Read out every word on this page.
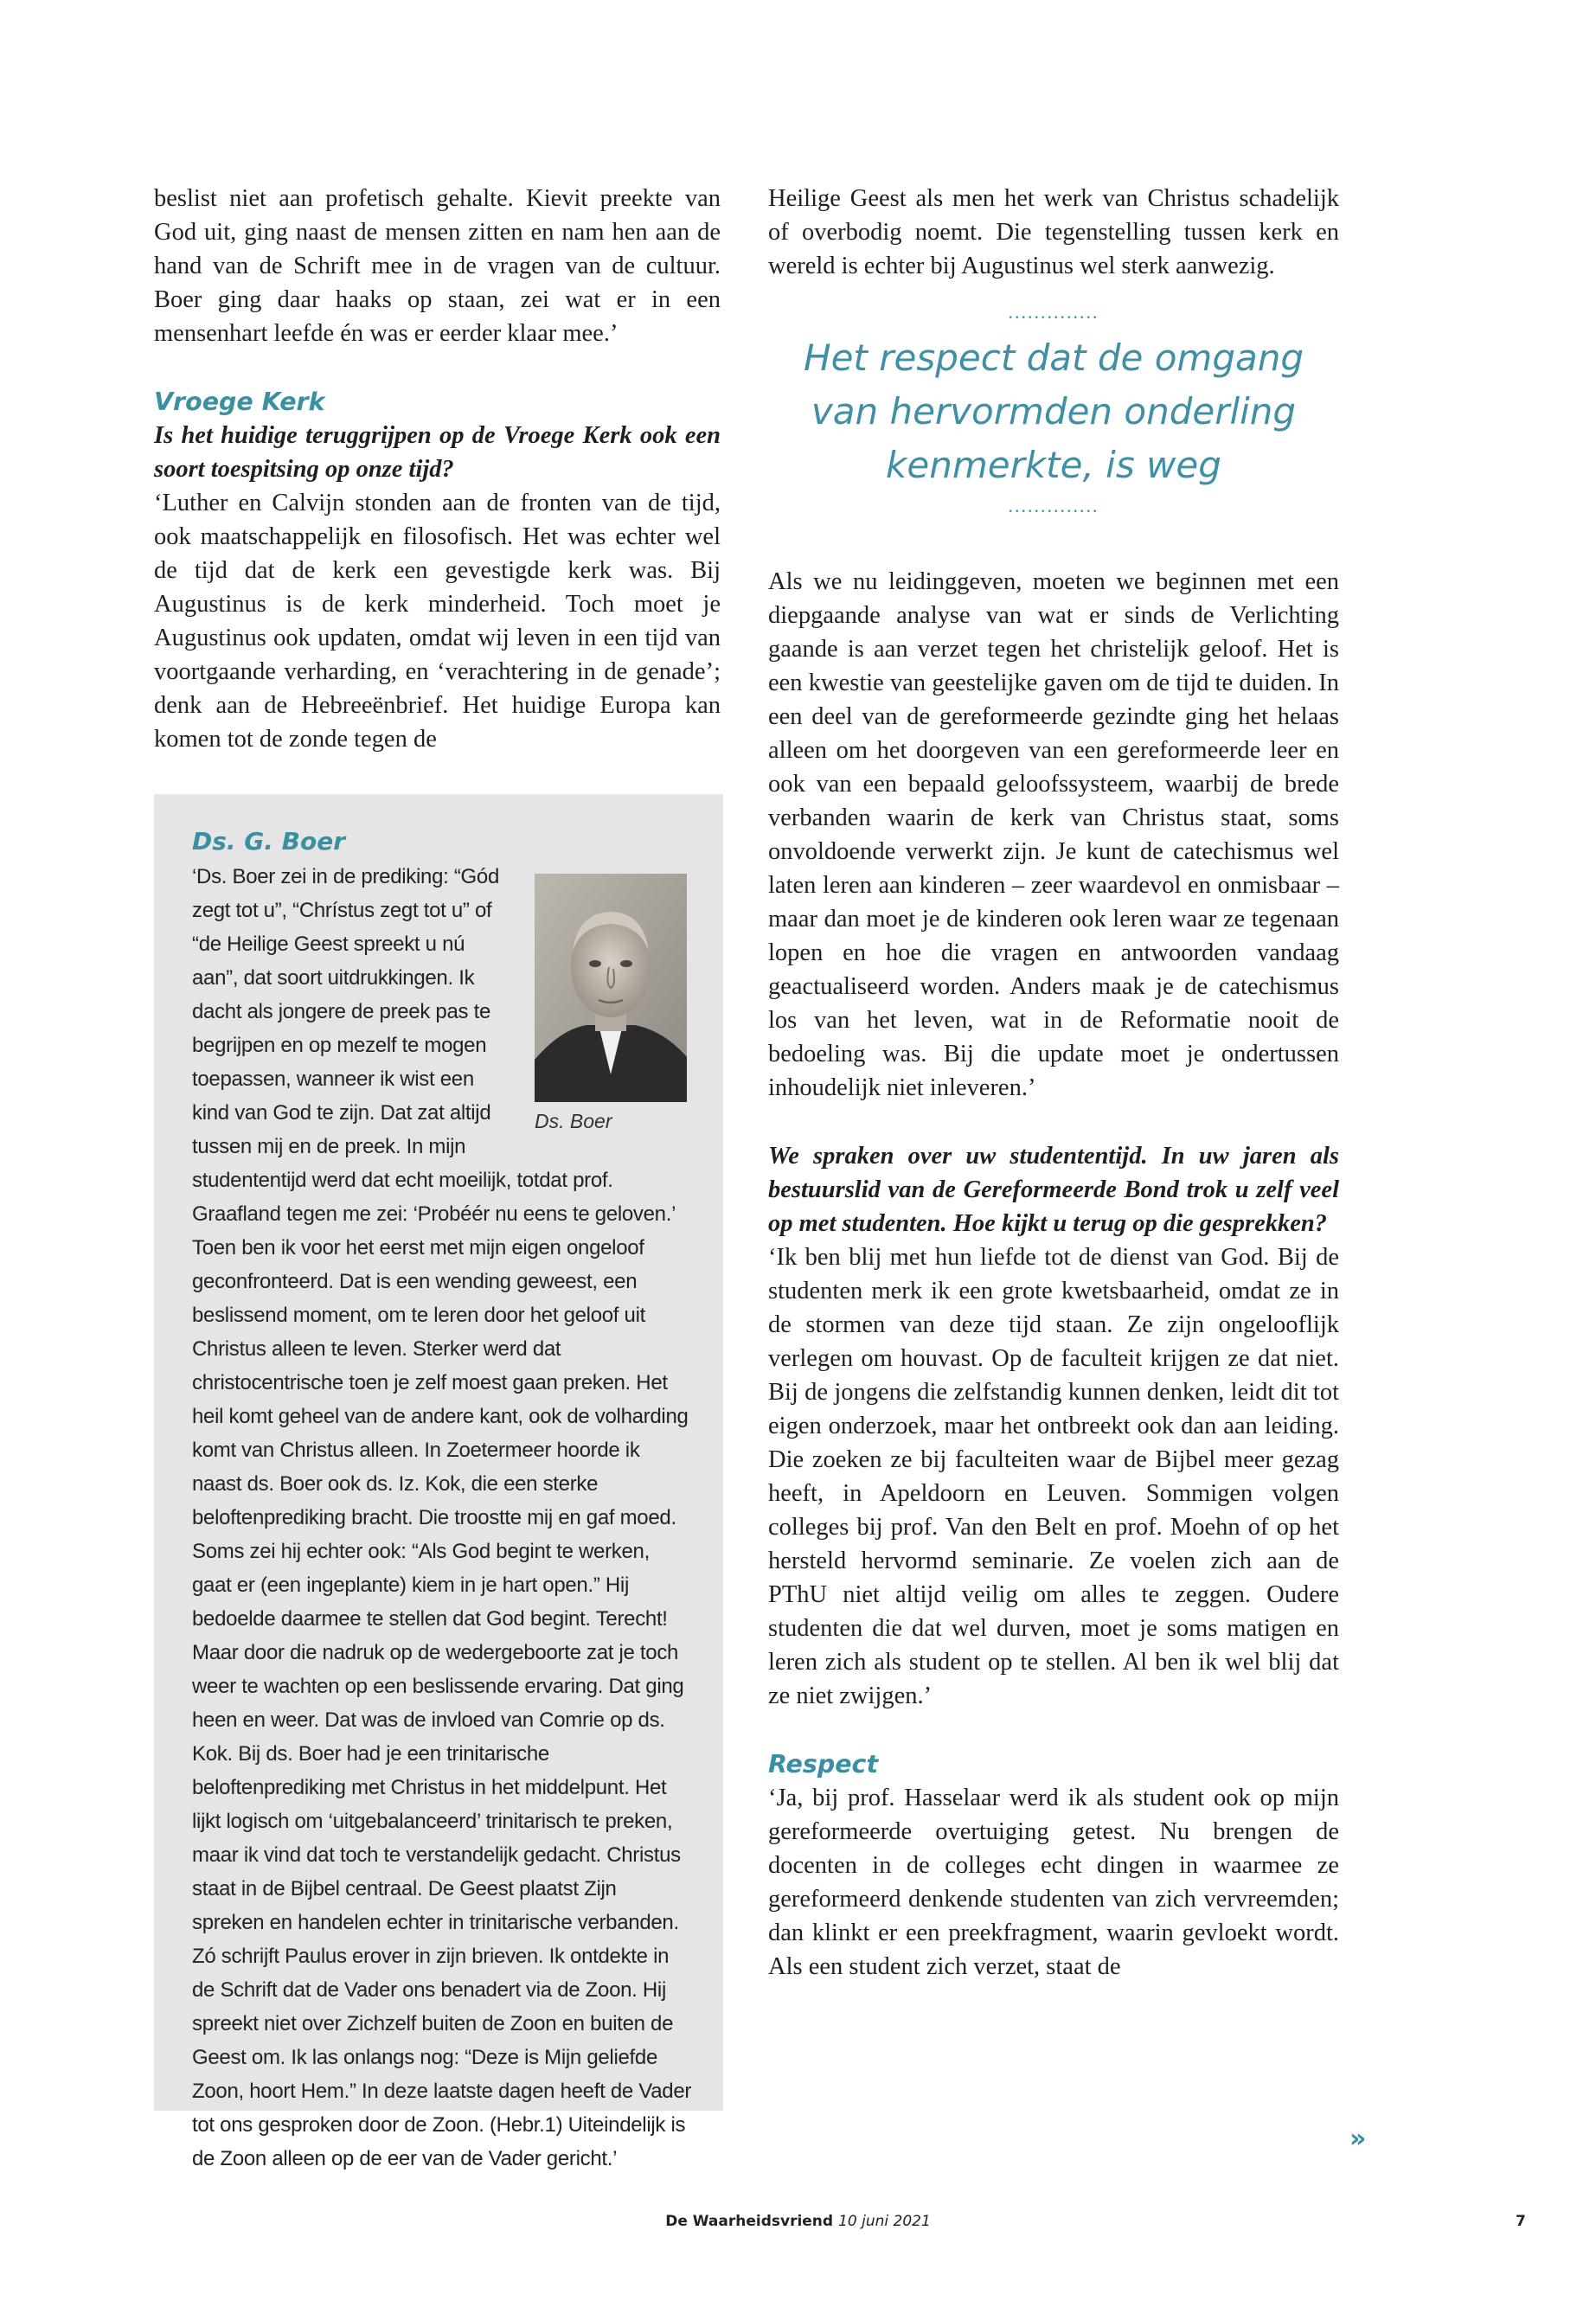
beslist niet aan profetisch gehalte. Kievit preekte van God uit, ging naast de mensen zitten en nam hen aan de hand van de Schrift mee in de vragen van de cultuur. Boer ging daar haaks op staan, zei wat er in een mensenhart leefde én was er eerder klaar mee.’

Vroege Kerk

Is het huidige teruggrijpen op de Vroege Kerk ook een soort toespitsing op onze tijd?

‘Luther en Calvijn stonden aan de fronten van de tijd, ook maatschappelijk en filosofisch. Het was echter wel de tijd dat de kerk een gevestigde kerk was. Bij Augustinus is de kerk minderheid. Toch moet je Augustinus ook updaten, omdat wij leven in een tijd van voortgaande verharding, en ‘verachtering in de genade’; denk aan de Hebreeënbrief. Het huidige Europa kan komen tot de zonde tegen de

Ds. G. Boer

Ds. Boer

‘Ds. Boer zei in de prediking: “Gód zegt tot u”, “Chrístus zegt tot u” of “de Heilige Geest spreekt u nú aan”, dat soort uitdrukkingen. Ik dacht als jongere de preek pas te begrijpen en op mezelf te mogen toepassen, wanneer ik wist een kind van God te zijn. Dat zat altijd tussen mij en de preek. In mijn studententijd werd dat echt moeilijk, totdat prof. Graafland tegen me zei: ‘Probéér nu eens te geloven.’ Toen ben ik voor het eerst met mijn eigen ongeloof geconfronteerd. Dat is een wending geweest, een beslissend moment, om te leren door het geloof uit Christus alleen te leven. Sterker werd dat christocentrische toen je zelf moest gaan preken. Het heil komt geheel van de andere kant, ook de volharding komt van Christus alleen. In Zoetermeer hoorde ik naast ds. Boer ook ds. Iz. Kok, die een sterke beloftenprediking bracht. Die troostte mij en gaf moed. Soms zei hij echter ook: “Als God begint te werken, gaat er (een ingeplante) kiem in je hart open.” Hij bedoelde daarmee te stellen dat God begint. Terecht! Maar door die nadruk op de wedergeboorte zat je toch weer te wachten op een beslissende ervaring. Dat ging heen en weer. Dat was de invloed van Comrie op ds. Kok. Bij ds. Boer had je een trinitarische beloftenprediking met Christus in het middelpunt. Het lijkt logisch om ‘uitgebalanceerd’ trinitarisch te preken, maar ik vind dat toch te verstandelijk gedacht. Christus staat in de Bijbel centraal. De Geest plaatst Zijn spreken en handelen echter in trinitarische verbanden. Zó schrijft Paulus erover in zijn brieven. Ik ontdekte in de Schrift dat de Vader ons benadert via de Zoon. Hij spreekt niet over Zichzelf buiten de Zoon en buiten de Geest om. Ik las onlangs nog: “Deze is Mijn geliefde Zoon, hoort Hem.” In deze laatste dagen heeft de Vader tot ons gesproken door de Zoon. (Hebr.1) Uiteindelijk is de Zoon alleen op de eer van de Vader gericht.’

Heilige Geest als men het werk van Christus schadelijk of overbodig noemt. Die tegenstelling tussen kerk en wereld is echter bij Augustinus wel sterk aanwezig.

..............
Het respect dat de omgang van hervormden onderling kenmerkte, is weg
..............

Als we nu leidinggeven, moeten we beginnen met een diepgaande analyse van wat er sinds de Verlichting gaande is aan verzet tegen het christelijk geloof. Het is een kwestie van geestelijke gaven om de tijd te duiden. In een deel van de gereformeerde gezindte ging het helaas alleen om het doorgeven van een gereformeerde leer en ook van een bepaald geloofssysteem, waarbij de brede verbanden waarin de kerk van Christus staat, soms onvoldoende verwerkt zijn. Je kunt de catechismus wel laten leren aan kinderen – zeer waardevol en onmisbaar – maar dan moet je de kinderen ook leren waar ze tegenaan lopen en hoe die vragen en antwoorden vandaag geactualiseerd worden. Anders maak je de catechismus los van het leven, wat in de Reformatie nooit de bedoeling was. Bij die update moet je ondertussen inhoudelijk niet inleveren.’

We spraken over uw studententijd. In uw jaren als bestuurslid van de Gereformeerde Bond trok u zelf veel op met studenten. Hoe kijkt u terug op die gesprekken?

‘Ik ben blij met hun liefde tot de dienst van God. Bij de studenten merk ik een grote kwetsbaarheid, omdat ze in de stormen van deze tijd staan. Ze zijn ongelooflijk verlegen om houvast. Op de faculteit krijgen ze dat niet. Bij de jongens die zelfstandig kunnen denken, leidt dit tot eigen onderzoek, maar het ontbreekt ook dan aan leiding. Die zoeken ze bij faculteiten waar de Bijbel meer gezag heeft, in Apeldoorn en Leuven. Sommigen volgen colleges bij prof. Van den Belt en prof. Moehn of op het hersteld hervormd seminarie. Ze voelen zich aan de PThU niet altijd veilig om alles te zeggen. Oudere studenten die dat wel durven, moet je soms matigen en leren zich als student op te stellen. Al ben ik wel blij dat ze niet zwijgen.’

Respect

‘Ja, bij prof. Hasselaar werd ik als student ook op mijn gereformeerde overtuiging getest. Nu brengen de docenten in de colleges echt dingen in waarmee ze gereformeerd denkende studenten van zich vervreemden; dan klinkt er een preekfragment, waarin gevloekt wordt. Als een student zich verzet, staat de

»
De Waarheidsvriend 10 juni 2021	7
